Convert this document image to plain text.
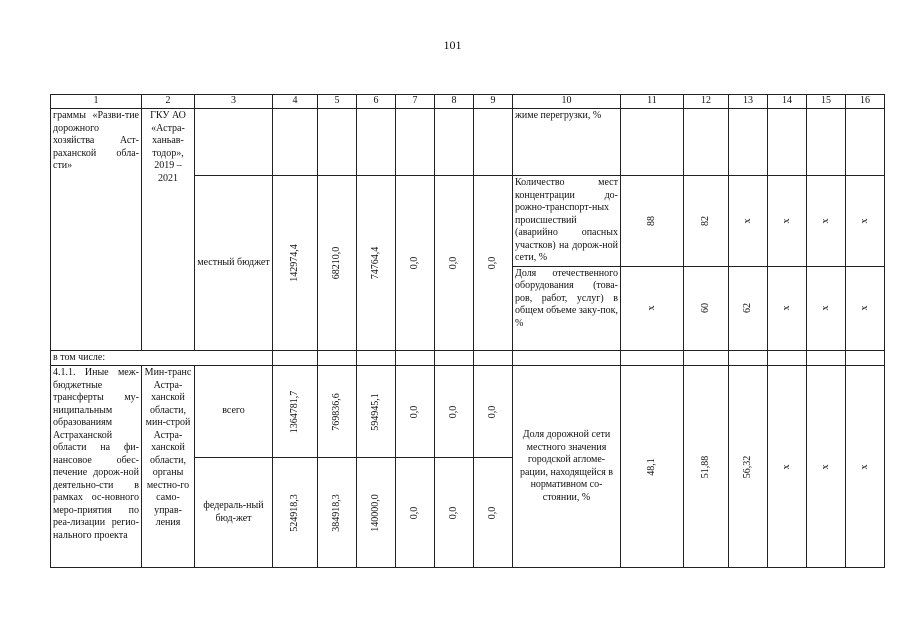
101
1	2	3	4	5	6	7	8	9	10	11	12	13	14	15	16
граммы «Разви-тие дорожного хозяйства Аст-раханской обла-сти»	ГКУ АО «Астра-ханьав-тодор», 2019 – 2021								жиме перегрузки, %						
		местный бюджет	142974,4	68210,0	74764,4	0,0	0,0	0,0	Количество мест концентрации до-рожно-транспорт-ных происшествий (аварийно опасных участков) на дорож-ной сети, %	88	82	x	x	x	x

									Доля отечественного оборудования (това-ров, работ, услуг) в общем объеме заку-пок, %	x	60	62	x	x	x

в том числе:															
4.1.1. Иные меж-бюджетные трансферты му-ниципальным образованиям Астраханской области на фи-нансовое обес-печение дорож-ной деятельно-сти в рамках ос-новного меро-приятия по реа-лизации регио-нального проекта	Мин-транс Астра-ханской области, мин-строй Астра-ханской области, органы местно-го само-управ-ления	всего	1364781,7	769836,6	594945,1	0,0	0,0	0,0	Доля дорожной сети местного значения городской агломе-рации, находящейся в нормативном со-стоянии, %	48,1	51,88	56,32	x	x	x

		федераль-ный бюд-жет	524918,3	384918,3	140000,0	0,0	0,0	0,0							
